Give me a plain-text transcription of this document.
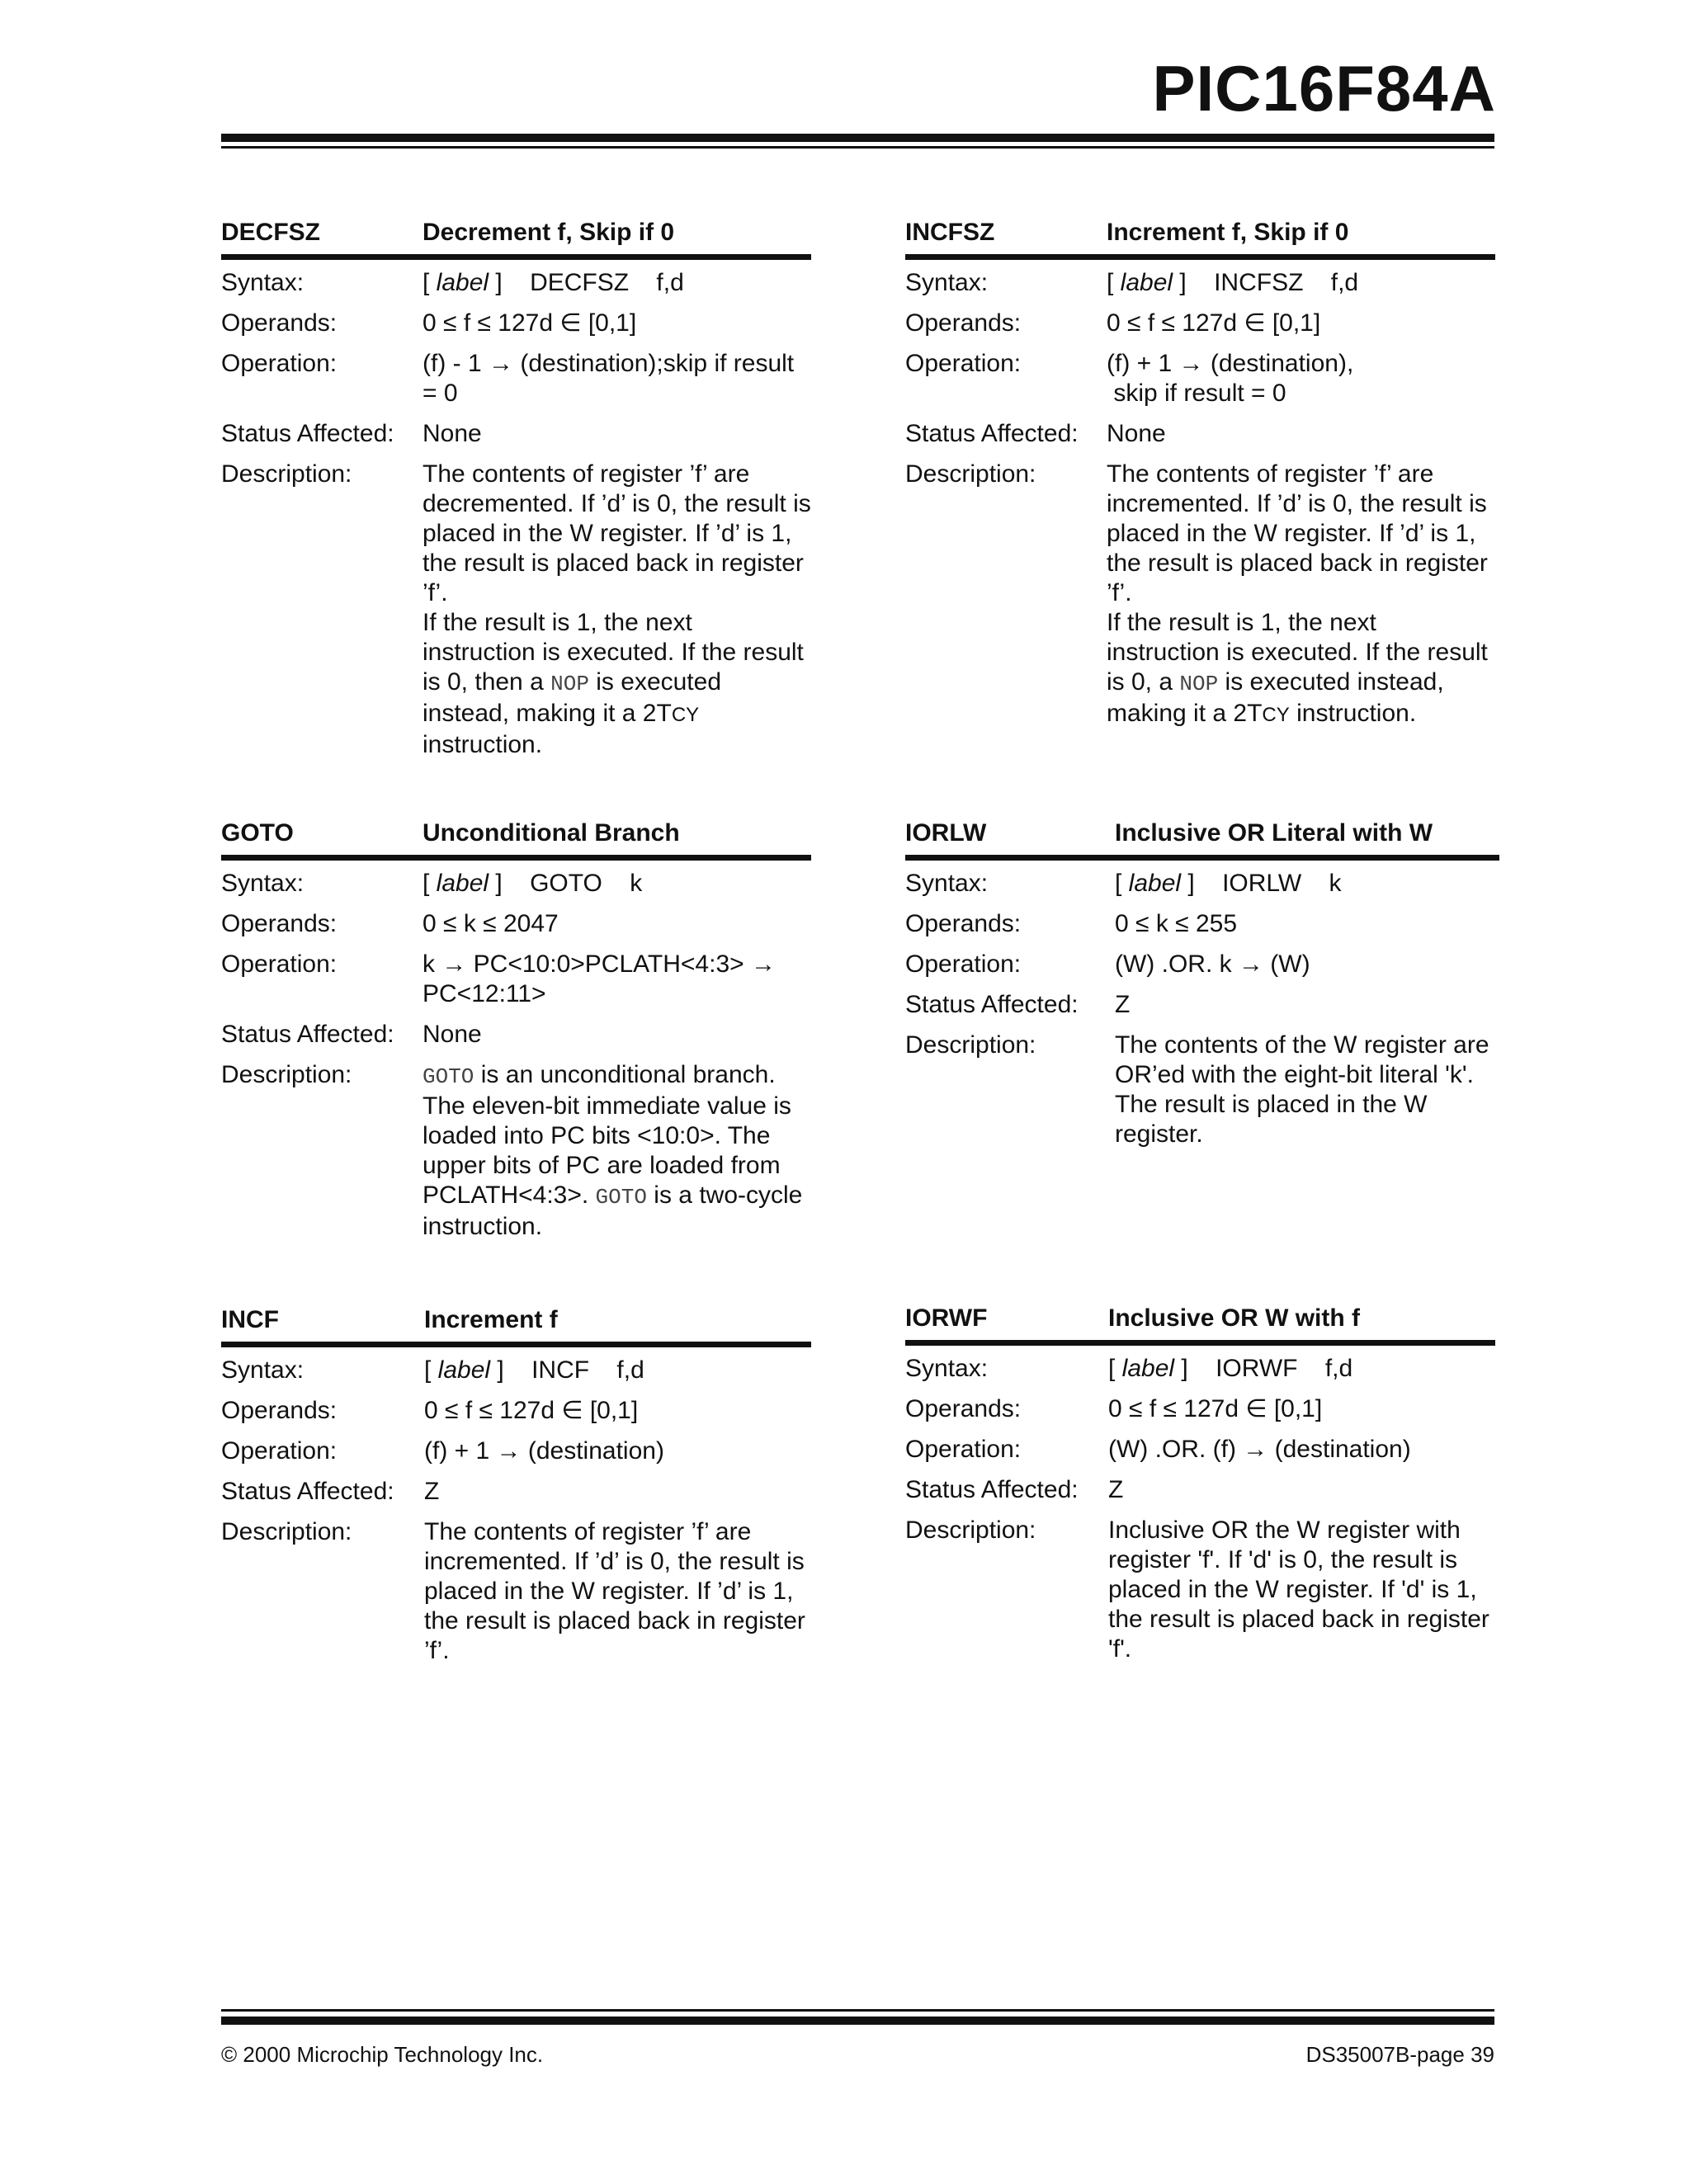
PIC16F84A
DECFSZ	Decrement f, Skip if 0
Syntax:	[ label ]    DECFSZ    f,d
Operands:	0 ≤ f ≤ 127d ∈ [0,1]
Operation:	(f) - 1 → (destination);skip if result = 0
Status Affected:	None
Description:	The contents of register ’f’ are decremented. If ’d’ is 0, the result is placed in the W register. If ’d’ is 1, the result is placed back in register ’f’.
If the result is 1, the next instruction is executed. If the result is 0, then a NOP is executed instead, making it a 2TCY instruction.
INCFSZ	Increment f, Skip if 0
Syntax:	[ label ]    INCFSZ    f,d
Operands:	0 ≤ f ≤ 127d ∈ [0,1]
Operation:	(f) + 1 → (destination), skip if result = 0
Status Affected:	None
Description:	The contents of register ’f’ are incremented. If ’d’ is 0, the result is placed in the W register. If ’d’ is 1, the result is placed back in register ’f’.
If the result is 1, the next instruction is executed. If the result is 0, a NOP is executed instead, making it a 2TCY instruction.
GOTO	Unconditional Branch
Syntax:	[ label ]    GOTO    k
Operands:	0 ≤ k ≤ 2047
Operation:	k → PC<10:0>PCLATH<4:3> → PC<12:11>
Status Affected:	None
Description:	GOTO is an unconditional branch. The eleven-bit immediate value is loaded into PC bits <10:0>. The upper bits of PC are loaded from PCLATH<4:3>. GOTO is a two-cycle instruction.
IORLW	Inclusive OR Literal with W
Syntax:	[ label ]    IORLW    k
Operands:	0 ≤ k ≤ 255
Operation:	(W) .OR. k → (W)
Status Affected:	Z
Description:	The contents of the W register are OR’ed with the eight-bit literal 'k'. The result is placed in the W register.
INCF	Increment f
Syntax:	[ label ]    INCF    f,d
Operands:	0 ≤ f ≤ 127d ∈ [0,1]
Operation:	(f) + 1 → (destination)
Status Affected:	Z
Description:	The contents of register ’f’ are incremented. If ’d’ is 0, the result is placed in the W register. If ’d’ is 1, the result is placed back in register ’f’.
IORWF	Inclusive OR W with f
Syntax:	[ label ]    IORWF    f,d
Operands:	0 ≤ f ≤ 127d ∈ [0,1]
Operation:	(W) .OR. (f) → (destination)
Status Affected:	Z
Description:	Inclusive OR the W register with register 'f'. If 'd' is 0, the result is placed in the W register. If 'd' is 1, the result is placed back in register 'f'.
© 2000 Microchip Technology Inc.	DS35007B-page 39
